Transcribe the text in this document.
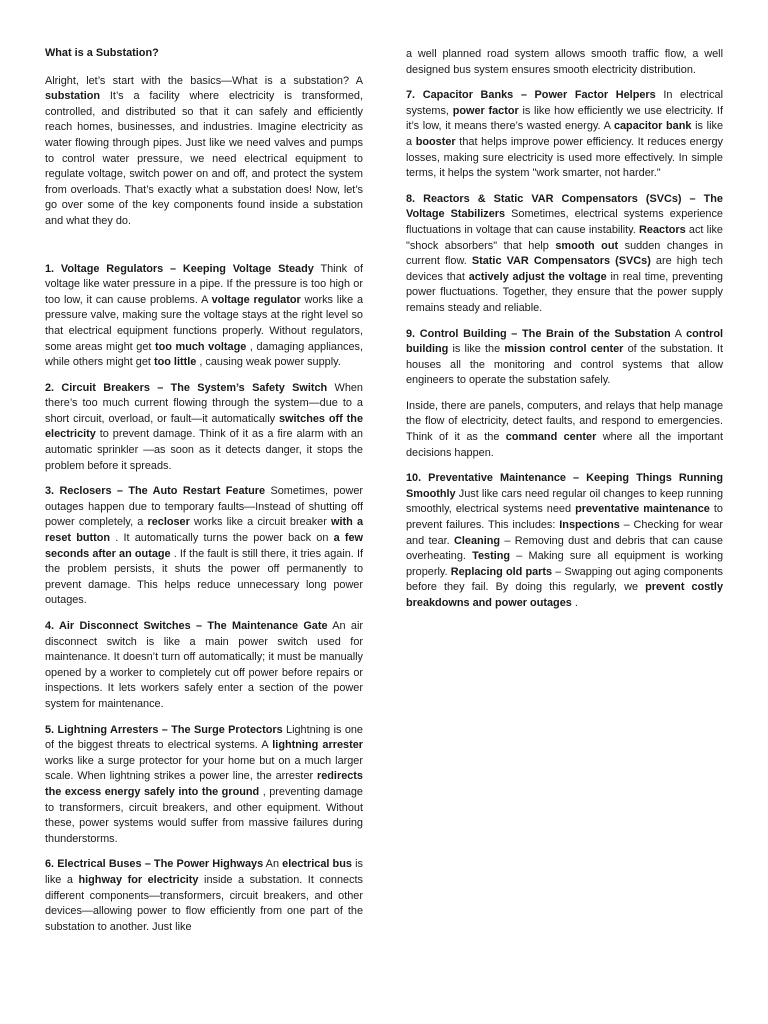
What is a Substation?

Alright, let’s start with the basics—What is a substation? A substation It’s a facility where electricity is transformed, controlled, and distributed so that it can safely and efficiently reach homes, businesses, and industries. Imagine electricity as water flowing through pipes. Just like we need valves and pumps to control water pressure, we need electrical equipment to regulate voltage, switch power on and off, and protect the system from overloads. That’s exactly what a substation does! Now, let’s go over some of the key components found inside a substation and what they do.

1. Voltage Regulators – Keeping Voltage Steady Think of voltage like water pressure in a pipe. If the pressure is too high or too low, it can cause problems. A voltage regulator works like a pressure valve, making sure the voltage stays at the right level so that electrical equipment functions properly. Without regulators, some areas might get too much voltage , damaging appliances, while others might get too little , causing weak power supply.

2. Circuit Breakers – The System’s Safety Switch When there’s too much current flowing through the system—due to a short circuit, overload, or fault—it automatically switches off the electricity to prevent damage. Think of it as a fire alarm with an automatic sprinkler —as soon as it detects danger, it stops the problem before it spreads.

3. Reclosers – The Auto Restart Feature Sometimes, power outages happen due to temporary faults—Instead of shutting off power completely, a recloser works like a circuit breaker with a reset button . It automatically turns the power back on a few seconds after an outage . If the fault is still there, it tries again. If the problem persists, it shuts the power off permanently to prevent damage. This helps reduce unnecessary long power outages.

4. Air Disconnect Switches – The Maintenance Gate An air disconnect switch is like a main power switch used for maintenance. It doesn’t turn off automatically; it must be manually opened by a worker to completely cut off power before repairs or inspections. It lets workers safely enter a section of the power system for maintenance.

5. Lightning Arresters – The Surge Protectors Lightning is one of the biggest threats to electrical systems. A lightning arrester works like a surge protector for your home but on a much larger scale. When lightning strikes a power line, the arrester redirects the excess energy safely into the ground , preventing damage to transformers, circuit breakers, and other equipment. Without these, power systems would suffer from massive failures during thunderstorms.

6. Electrical Buses – The Power Highways An electrical bus is like a highway for electricity inside a substation. It connects different components—transformers, circuit breakers, and other devices—allowing power to flow efficiently from one part of the substation to another. Just like

a well planned road system allows smooth traffic flow, a well designed bus system ensures smooth electricity distribution.

7. Capacitor Banks – Power Factor Helpers In electrical systems, power factor is like how efficiently we use electricity. If it’s low, it means there’s wasted energy. A capacitor bank is like a booster that helps improve power efficiency. It reduces energy losses, making sure electricity is used more effectively. In simple terms, it helps the system "work smarter, not harder."

8. Reactors & Static VAR Compensators (SVCs) – The Voltage Stabilizers Sometimes, electrical systems experience fluctuations in voltage that can cause instability. Reactors act like "shock absorbers" that help smooth out sudden changes in current flow. Static VAR Compensators (SVCs) are high tech devices that actively adjust the voltage in real time, preventing power fluctuations. Together, they ensure that the power supply remains steady and reliable.

9. Control Building – The Brain of the Substation A control building is like the mission control center of the substation. It houses all the monitoring and control systems that allow engineers to operate the substation safely.

Inside, there are panels, computers, and relays that help manage the flow of electricity, detect faults, and respond to emergencies. Think of it as the command center where all the important decisions happen.

10. Preventative Maintenance – Keeping Things Running Smoothly Just like cars need regular oil changes to keep running smoothly, electrical systems need preventative maintenance to prevent failures. This includes: Inspections – Checking for wear and tear. Cleaning – Removing dust and debris that can cause overheating. Testing – Making sure all equipment is working properly. Replacing old parts – Swapping out aging components before they fail. By doing this regularly, we prevent costly breakdowns and power outages .
